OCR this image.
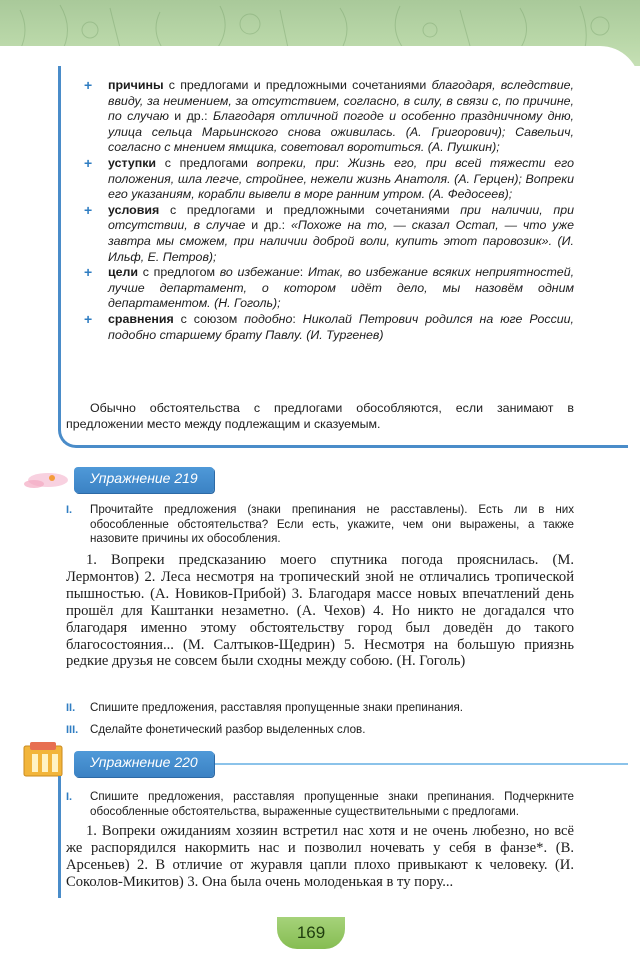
+ причины с предлогами и предложными сочетаниями благодаря, вследствие, ввиду, за неимением, за отсутствием, согласно, в силу, в связи с, по причине, по случаю и др.: Благодаря отличной погоде и особенно праздничному дню, улица сельца Марьинского снова оживилась. (А. Григорович); Савельич, согласно с мнением ямщика, советовал воротиться. (А. Пушкин);
+ уступки с предлогами вопреки, при: Жизнь его, при всей тяжести его положения, шла легче, стройнее, нежели жизнь Анатоля. (А. Герцен); Вопреки его указаниям, корабли вывели в море ранним утром. (А. Федосеев);
+ условия с предлогами и предложными сочетаниями при наличии, при отсутствии, в случае и др.: «Похоже на то, — сказал Остап, — что уже завтра мы сможем, при наличии доброй воли, купить этот паровозик». (И. Ильф, Е. Петров);
+ цели с предлогом во избежание: Итак, во избежание всяких неприятностей, лучше департамент, о котором идёт дело, мы назовём одним департаментом. (Н. Гоголь);
+ сравнения с союзом подобно: Николай Петрович родился на юге России, подобно старшему брату Павлу. (И. Тургенев)
Обычно обстоятельства с предлогами обособляются, если занимают в предложении место между подлежащим и сказуемым.
Упражнение 219
I. Прочитайте предложения (знаки препинания не расставлены). Есть ли в них обособленные обстоятельства? Если есть, укажите, чем они выражены, а также назовите причины их обособления.

1. Вопреки предсказанию моего спутника погода прояснилась. (М. Лермонтов) 2. Леса несмотря на тропический зной не отличались тропической пышностью. (А. Новиков-Прибой) 3. Благодаря массе новых впечатлений день прошёл для Каштанки незаметно. (А. Чехов) 4. Но никто не догадался что благодаря именно этому обстоятельству город был доведён до такого благосостояния... (М. Салтыков-Щедрин) 5. Несмотря на большую приязнь редкие друзья не совсем были сходны между собою. (Н. Гоголь)

II. Спишите предложения, расставляя пропущенные знаки препинания.
III. Сделайте фонетический разбор выделенных слов.
Упражнение 220
I. Спишите предложения, расставляя пропущенные знаки препинания. Подчеркните обособленные обстоятельства, выраженные существительными с предлогами.

1. Вопреки ожиданиям хозяин встретил нас хотя и не очень любезно, но всё же распорядился накормить нас и позволил ночевать у себя в фанзе*. (В. Арсеньев) 2. В отличие от журавля цапли плохо привыкают к человеку. (И. Соколов-Микитов) 3. Она была очень молоденькая в ту пору...

169
